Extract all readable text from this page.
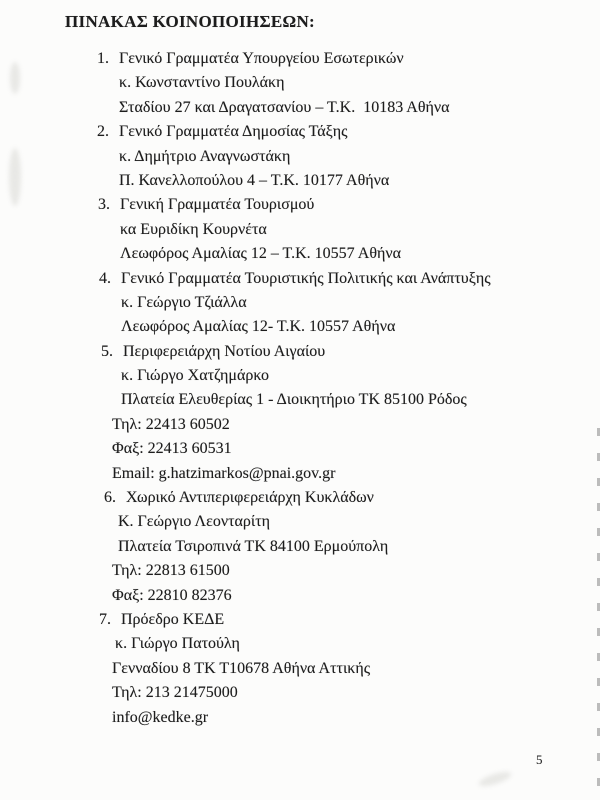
ΠΙΝΑΚΑΣ ΚΟΙΝΟΠΟΙΗΣΕΩΝ:
1. Γενικό Γραμματέα Υπουργείου Εσωτερικών
κ. Κωνσταντίνο Πουλάκη
Σταδίου 27 και Δραγατσανίου – Τ.Κ.  10183 Αθήνα
2. Γενικό Γραμματέα Δημοσίας Τάξης
κ. Δημήτριο Αναγνωστάκη
Π. Κανελλοπούλου 4 – Τ.Κ. 10177 Αθήνα
3. Γενική Γραμματέα Τουρισμού
κα Ευριδίκη Κουρνέτα
Λεωφόρος Αμαλίας 12 – Τ.Κ. 10557 Αθήνα
4. Γενικό Γραμματέα Τουριστικής Πολιτικής και Ανάπτυξης
κ. Γεώργιο Τζιάλλα
Λεωφόρος Αμαλίας 12- Τ.Κ. 10557 Αθήνα
5. Περιφερειάρχη Νοτίου Αιγαίου
κ. Γιώργο Χατζημάρκο
Πλατεία Ελευθερίας 1 - Διοικητήριο ΤΚ 85100 Ρόδος
Τηλ: 22413 60502
Φαξ: 22413 60531
Email: g.hatzimarkos@pnai.gov.gr
6. Χωρικό Αντιπεριφερειάρχη Κυκλάδων
Κ. Γεώργιο Λεονταρίτη
Πλατεία Τσιροπινά ΤΚ 84100 Ερμούπολη
Τηλ: 22813 61500
Φαξ: 22810 82376
7. Πρόεδρο ΚΕΔΕ
κ. Γιώργο Πατούλη
Γενναδίου 8 ΤΚ Τ10678 Αθήνα Αττικής
Τηλ: 213 21475000
info@kedke.gr
5
